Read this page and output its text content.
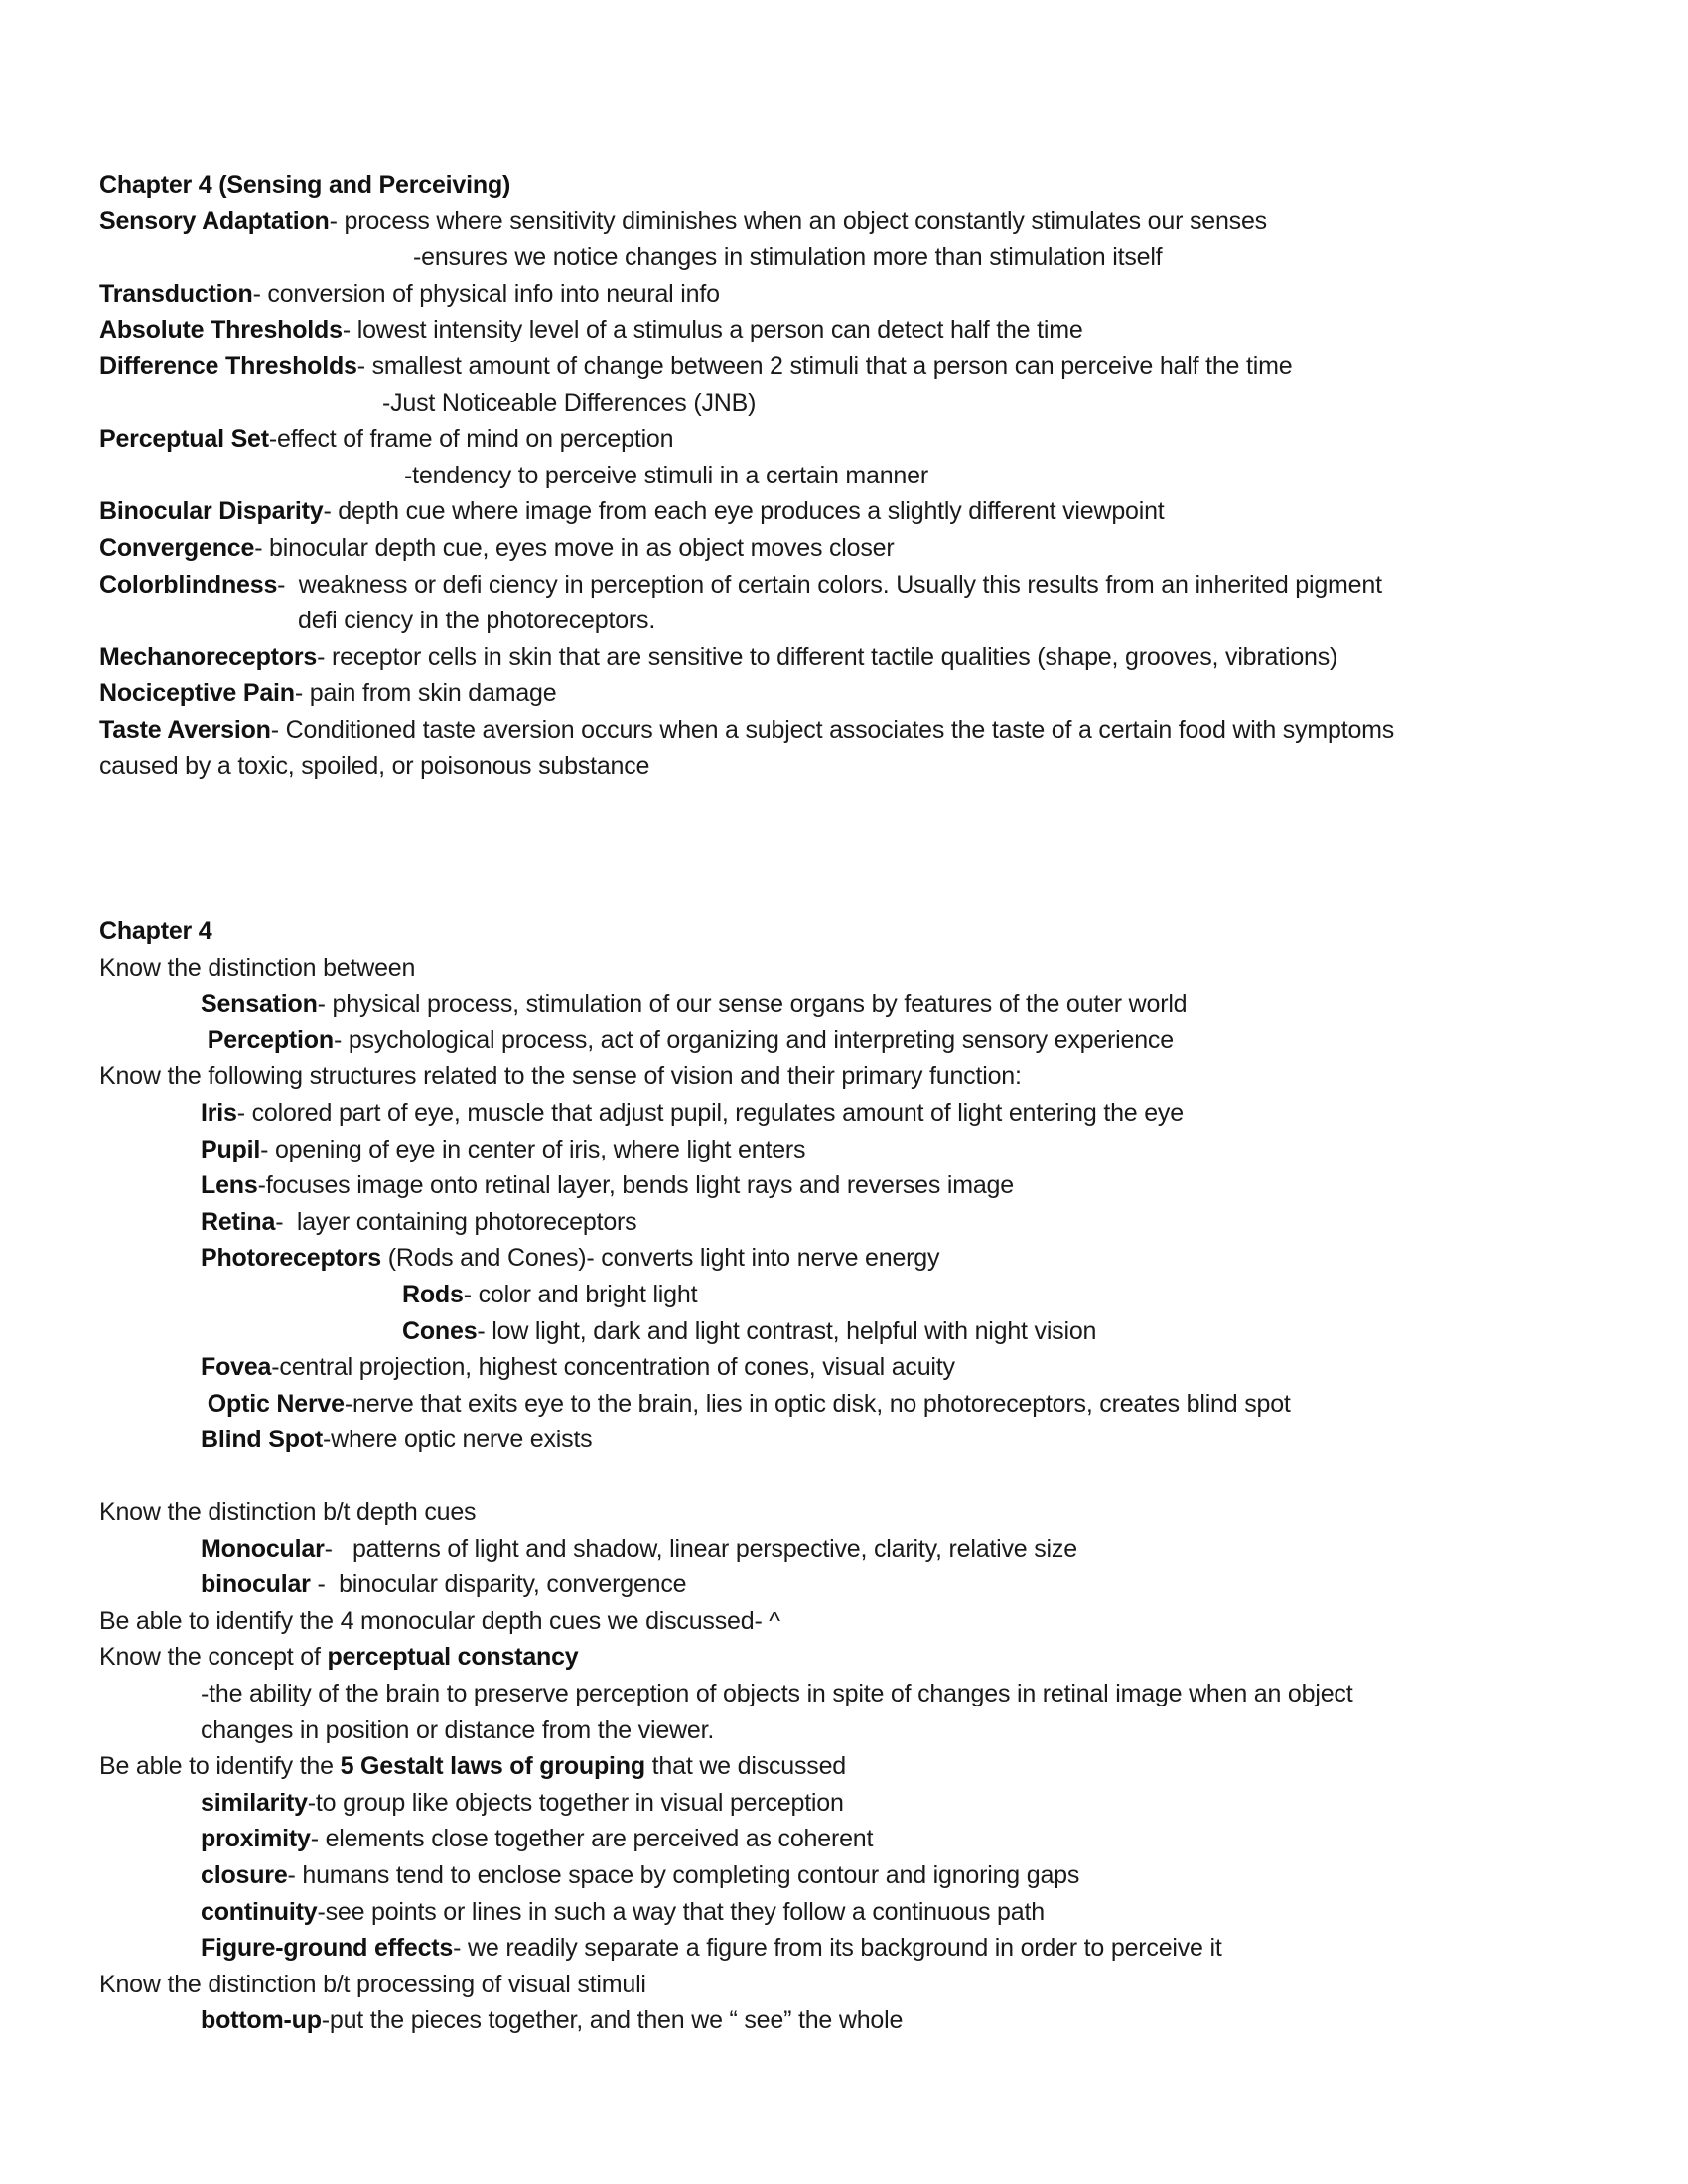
Chapter 4 (Sensing and Perceiving)
Sensory Adaptation- process where sensitivity diminishes when an object constantly stimulates our senses
-ensures we notice changes in stimulation more than stimulation itself
Transduction- conversion of physical info into neural info
Absolute Thresholds- lowest intensity level of a stimulus a person can detect half the time
Difference Thresholds- smallest amount of change between 2 stimuli that a person can perceive half the time
-Just Noticeable Differences (JNB)
Perceptual Set-effect of frame of mind on perception
-tendency to perceive stimuli in a certain manner
Binocular Disparity- depth cue where image from each eye produces a slightly different viewpoint
Convergence- binocular depth cue, eyes move in as object moves closer
Colorblindness-  weakness or defi ciency in perception of certain colors. Usually this results from an inherited pigment
defi ciency in the photoreceptors.
Mechanoreceptors- receptor cells in skin that are sensitive to different tactile qualities (shape, grooves, vibrations)
Nociceptive Pain- pain from skin damage
Taste Aversion- Conditioned taste aversion occurs when a subject associates the taste of a certain food with symptoms
caused by a toxic, spoiled, or poisonous substance
Chapter 4
Know the distinction between
Sensation- physical process, stimulation of our sense organs by features of the outer world
Perception- psychological process, act of organizing and interpreting sensory experience
Know the following structures related to the sense of vision and their primary function:
Iris- colored part of eye, muscle that adjust pupil, regulates amount of light entering the eye
Pupil- opening of eye in center of iris, where light enters
Lens-focuses image onto retinal layer, bends light rays and reverses image
Retina-  layer containing photoreceptors
Photoreceptors (Rods and Cones)- converts light into nerve energy
Rods- color and bright light
Cones- low light, dark and light contrast, helpful with night vision
Fovea-central projection, highest concentration of cones, visual acuity
Optic Nerve-nerve that exits eye to the brain, lies in optic disk, no photoreceptors, creates blind spot
Blind Spot-where optic nerve exists
Know the distinction b/t depth cues
Monocular-   patterns of light and shadow, linear perspective, clarity, relative size
binocular -  binocular disparity, convergence
Be able to identify the 4 monocular depth cues we discussed- ^
Know the concept of perceptual constancy
-the ability of the brain to preserve perception of objects in spite of changes in retinal image when an object
changes in position or distance from the viewer.
Be able to identify the 5 Gestalt laws of grouping that we discussed
similarity-to group like objects together in visual perception
proximity- elements close together are perceived as coherent
closure- humans tend to enclose space by completing contour and ignoring gaps
continuity-see points or lines in such a way that they follow a continuous path
Figure-ground effects- we readily separate a figure from its background in order to perceive it
Know the distinction b/t processing of visual stimuli
bottom-up-put the pieces together, and then we “ see” the whole
